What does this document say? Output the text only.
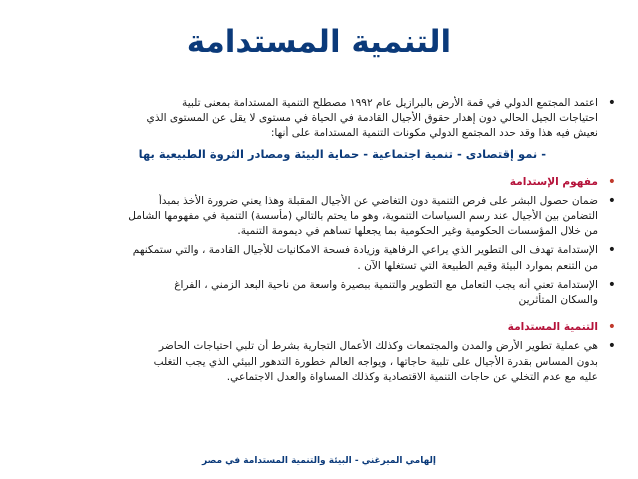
التنمية المستدامة
•
اعتمد المجتمع الدولي في قمة الأرض بالبرازيل عام ١٩٩٢ مصطلح التنمية المستدامة بمعنى تلبية
احتياجات الجيل الحالي دون إهدار حقوق الأجيال القادمة في الحياة في مستوى لا يقل عن المستوى الذي
نعيش فيه هذا وقد حدد المجتمع الدولي مكونات التنمية المستدامة على أنها:
- نمو إقتصادى - تنمية اجتماعية - حماية البيئة ومصادر الثروة الطبيعية بها
•
مفهوم الإستدامة
•
ضمان حصول البشر على فرص التنمية دون التغاضي عن الأجيال المقبلة وهذا يعني ضرورة الأخذ بمبدأ
التضامن بين الأجيال عند رسم السياسات التنموية، وهو ما يحتم بالتالي (مأسسة) التنمية في مفهومها الشامل
من خلال المؤسسات الحكومية وغير الحكومية بما يجعلها تساهم في ديمومة التنمية.
•
الإستدامة تهدف الى التطوير الذي يراعي الرفاهية وزيادة فسحة الامكانيات للأجيال القادمة ، والتي ستمكنهم
من التنعم بموارد البيئة وقيم الطبيعة التي تستغلها الآن .
•
الإستدامة تعني أنه يجب التعامل مع التطوير والتنمية ببصيرة واسعة من ناحية البعد الزمني ، الفراغ
والسكان المتأثرين
•
التنمية المستدامة
•
هي عملية تطوير الأرض والمدن والمجتمعات وكذلك الأعمال التجارية بشرط أن تلبي احتياجات الحاضر
بدون المساس بقدرة الأجيال على تلبية حاجاتها ، ويواجه العالم خطورة التدهور البيئي الذي يجب التغلب
عليه مع عدم التخلي عن حاجات التنمية الاقتصادية وكذلك المساواة والعدل الاجتماعي.
إلهامي الميرغني - البيئة والتنمية المستدامة في مصر
